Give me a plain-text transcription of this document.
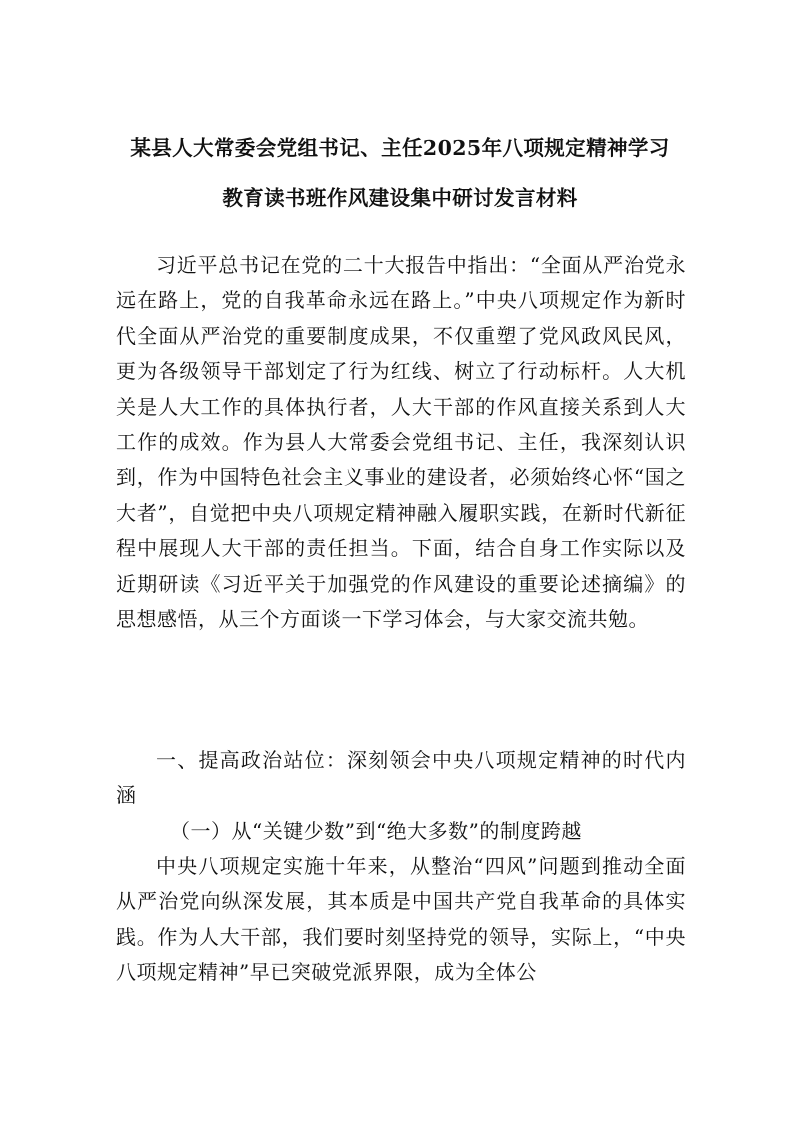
某县人大常委会党组书记、主任2025年八项规定精神学习
教育读书班作风建设集中研讨发言材料
习近平总书记在党的二十大报告中指出：“全面从严治党永远在路上，党的自我革命永远在路上。”中央八项规定作为新时代全面从严治党的重要制度成果，不仅重塑了党风政风民风，更为各级领导干部划定了行为红线、树立了行动标杆。人大机关是人大工作的具体执行者，人大干部的作风直接关系到人大工作的成效。作为县人大常委会党组书记、主任，我深刻认识到，作为中国特色社会主义事业的建设者，必须始终心怀“国之大者”，自觉把中央八项规定精神融入履职实践，在新时代新征程中展现人大干部的责任担当。下面，结合自身工作实际以及近期研读《习近平关于加强党的作风建设的重要论述摘编》的思想感悟，从三个方面谈一下学习体会，与大家交流共勉。
一、提高政治站位：深刻领会中央八项规定精神的时代内涵
（一）从“关键少数”到“绝大多数”的制度跨越
中央八项规定实施十年来，从整治“四风”问题到推动全面从严治党向纵深发展，其本质是中国共产党自我革命的具体实践。作为人大干部，我们要时刻坚持党的领导，实际上，“中央八项规定精神”早已突破党派界限，成为全体公
